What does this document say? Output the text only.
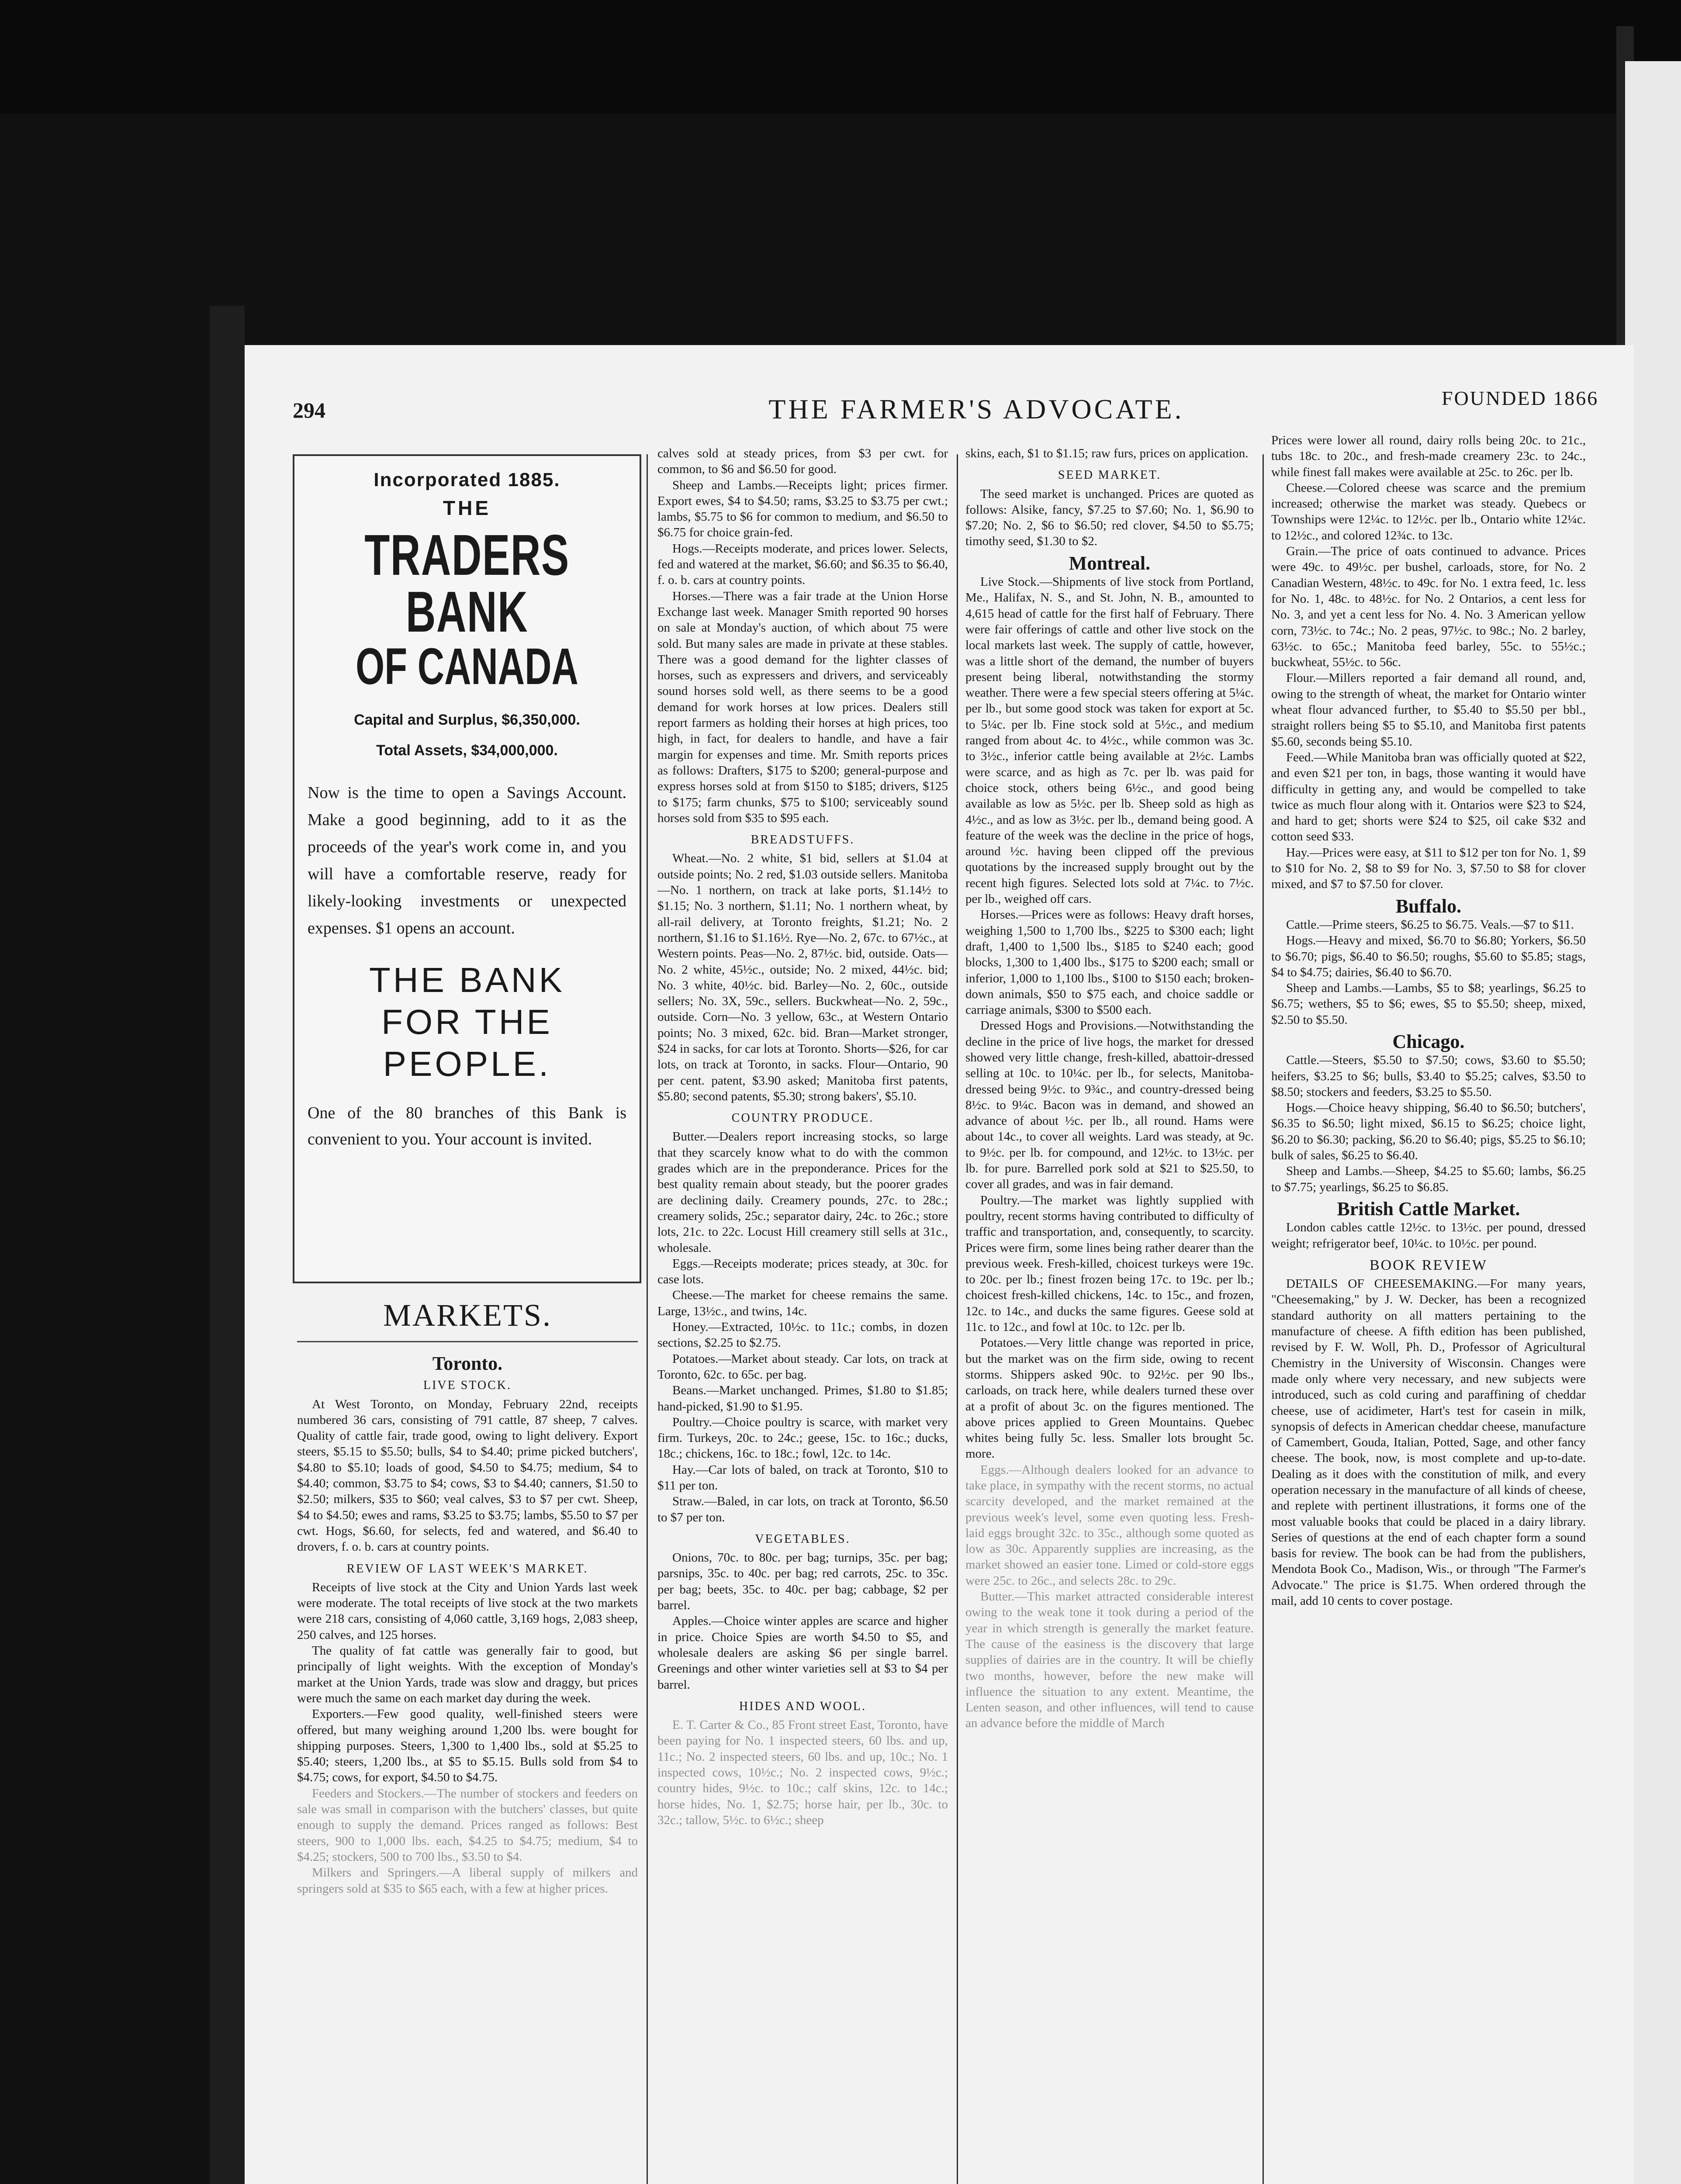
294	THE FARMER'S ADVOCATE.	FOUNDED 1866
Incorporated 1885.
THE
TRADERS BANK
OF CANADA
Capital and Surplus, $6,350,000.
Total Assets, $34,000,000.
Now is the time to open a Savings Account. Make a good beginning, add to it as the proceeds of the year's work come in, and you will have a comfortable reserve, ready for likely-looking investments or unexpected expenses. $1 opens an account.
THE BANK
FOR THE
PEOPLE.
One of the 80 branches of this Bank is convenient to you. Your account is invited.
MARKETS.
Toronto.
LIVE STOCK.

At West Toronto, on Monday, February 22nd, receipts numbered 36 cars, consisting of 791 cattle, 87 sheep, 7 calves. Quality of cattle fair, trade good, owing to light delivery. Export steers, $5.15 to $5.50; bulls, $4 to $4.40; prime picked butchers', $4.80 to $5.10; loads of good, $4.50 to $4.75; medium, $4 to $4.40; common, $3.75 to $4; cows, $3 to $4.40; canners, $1.50 to $2.50; milkers, $35 to $60; veal calves, $3 to $7 per cwt. Sheep, $4 to $4.50; ewes and rams, $3.25 to $3.75; lambs, $5.50 to $7 per cwt. Hogs, $6.60, for selects, fed and watered, and $6.40 to drovers, f. o. b. cars at country points.

REVIEW OF LAST WEEK'S MARKET.

Receipts of live stock at the City and Union Yards last week were moderate. The total receipts of live stock at the two markets were 218 cars, consisting of 4,060 cattle, 3,169 hogs, 2,083 sheep, 250 calves, and 125 horses.

The quality of fat cattle was generally fair to good, but principally of light weights. With the exception of Monday's market at the Union Yards, trade was slow and draggy, but prices were much the same on each market day during the week.

Exporters.—Few good quality, well-finished steers were offered, but many weighing around 1,200 lbs. were bought for shipping purposes. Steers, 1,300 to 1,400 lbs., sold at $5.25 to $5.40; steers, 1,200 lbs., at $5 to $5.15. Bulls sold from $4 to $4.75; cows, for export, $4.50 to $4.75.

Feeders and Stockers.—The number of stockers and feeders on sale was small in comparison with the butchers' classes, but quite enough to supply the demand. Prices ranged as follows: Best steers, 900 to 1,000 lbs. each, $4.25 to $4.75; medium, $4 to $4.25; stockers, 500 to 700 lbs., $3.50 to $4.

Milkers and Springers.—A liberal supply of milkers and springers sold at $35 to $65 each, with a few at higher prices.

calves sold at steady prices, from $3 per cwt. for common, to $6 and $6.50 for good.

Sheep and Lambs.—Receipts light; prices firmer. Export ewes, $4 to $4.50; rams, $3.25 to $3.75 per cwt.; lambs, $5.75 to $6 for common to medium, and $6.50 to $6.75 for choice grain-fed.

Hogs.—Receipts moderate, and prices lower. Selects, fed and watered at the market, $6.60; and $6.35 to $6.40, f. o. b. cars at country points.

Horses.—There was a fair trade at the Union Horse Exchange last week. Manager Smith reported 90 horses on sale at Monday's auction, of which about 75 were sold. But many sales are made in private at these stables. There was a good demand for the lighter classes of horses, such as expressers and drivers, and serviceably sound horses sold well, as there seems to be a good demand for work horses at low prices. Dealers still report farmers as holding their horses at high prices, too high, in fact, for dealers to handle, and have a fair margin for expenses and time. Mr. Smith reports prices as follows: Drafters, $175 to $200; general-purpose and express horses sold at from $150 to $185; drivers, $125 to $175; farm chunks, $75 to $100; serviceably sound horses sold from $35 to $95 each.

BREADSTUFFS.

Wheat.—No. 2 white, $1 bid, sellers at $1.04 at outside points; No. 2 red, $1.03 outside sellers. Manitoba—No. 1 northern, on track at lake ports, $1.14½ to $1.15; No. 3 northern, $1.11; No. 1 northern wheat, by all-rail delivery, at Toronto freights, $1.21; No. 2 northern, $1.16 to $1.16½. Rye—No. 2, 67c. to 67½c., at Western points. Peas—No. 2, 87½c. bid, outside. Oats—No. 2 white, 45½c., outside; No. 2 mixed, 44½c. bid; No. 3 white, 40½c. bid. Barley—No. 2, 60c., outside sellers; No. 3X, 59c., sellers. Buckwheat—No. 2, 59c., outside. Corn—No. 3 yellow, 63c., at Western Ontario points; No. 3 mixed, 62c. bid. Bran—Market stronger, $24 in sacks, for car lots at Toronto. Shorts—$26, for car lots, on track at Toronto, in sacks. Flour—Ontario, 90 per cent. patent, $3.90 asked; Manitoba first patents, $5.80; second patents, $5.30; strong bakers', $5.10.

COUNTRY PRODUCE.

Butter.—Dealers report increasing stocks, so large that they scarcely know what to do with the common grades which are in the preponderance. Prices for the best quality remain about steady, but the poorer grades are declining daily. Creamery pounds, 27c. to 28c.; creamery solids, 25c.; separator dairy, 24c. to 26c.; store lots, 21c. to 22c. Locust Hill creamery still sells at 31c., wholesale.

Eggs.—Receipts moderate; prices steady, at 30c. for case lots.

Cheese.—The market for cheese remains the same. Large, 13½c., and twins, 14c.

Honey.—Extracted, 10½c. to 11c.; combs, in dozen sections, $2.25 to $2.75.

Potatoes.—Market about steady. Car lots, on track at Toronto, 62c. to 65c. per bag.

Beans.—Market unchanged. Primes, $1.80 to $1.85; hand-picked, $1.90 to $1.95.

Poultry.—Choice poultry is scarce, with market very firm. Turkeys, 20c. to 24c.; geese, 15c. to 16c.; ducks, 18c.; chickens, 16c. to 18c.; fowl, 12c. to 14c.

Hay.—Car lots of baled, on track at Toronto, $10 to $11 per ton.

Straw.—Baled, in car lots, on track at Toronto, $6.50 to $7 per ton.

VEGETABLES.

Onions, 70c. to 80c. per bag; turnips, 35c. per bag; parsnips, 35c. to 40c. per bag; red carrots, 25c. to 35c. per bag; beets, 35c. to 40c. per bag; cabbage, $2 per barrel.

Apples.—Choice winter apples are scarce and higher in price. Choice Spies are worth $4.50 to $5, and wholesale dealers are asking $6 per single barrel. Greenings and other winter varieties sell at $3 to $4 per barrel.

HIDES AND WOOL.

E. T. Carter & Co., 85 Front street East, Toronto, have been paying for No. 1 inspected steers, 60 lbs. and up, 11c.; No. 2 inspected steers, 60 lbs. and up, 10c.; No. 1 inspected cows, 10½c.; No. 2 inspected cows, 9½c.; country hides, 9½c. to 10c.; calf skins, 12c. to 14c.; horse hides, No. 1, $2.75; horse hair, per lb., 30c. to 32c.; tallow, 5½c. to 6½c.; sheep

skins, each, $1 to $1.15; raw furs, prices on application.

SEED MARKET.

The seed market is unchanged. Prices are quoted as follows: Alsike, fancy, $7.25 to $7.60; No. 1, $6.90 to $7.20; No. 2, $6 to $6.50; red clover, $4.50 to $5.75; timothy seed, $1.30 to $2.

Montreal.

Live Stock.—Shipments of live stock from Portland, Me., Halifax, N. S., and St. John, N. B., amounted to 4,615 head of cattle for the first half of February. There were fair offerings of cattle and other live stock on the local markets last week. The supply of cattle, however, was a little short of the demand, the number of buyers present being liberal, notwithstanding the stormy weather. There were a few special steers offering at 5¼c. per lb., but some good stock was taken for export at 5c. to 5¼c. per lb. Fine stock sold at 5½c., and medium ranged from about 4c. to 4½c., while common was 3c. to 3½c., inferior cattle being available at 2½c. Lambs were scarce, and as high as 7c. per lb. was paid for choice stock, others being 6½c., and good being available as low as 5½c. per lb. Sheep sold as high as 4½c., and as low as 3½c. per lb., demand being good. A feature of the week was the decline in the price of hogs, around ½c. having been clipped off the previous quotations by the increased supply brought out by the recent high figures. Selected lots sold at 7¼c. to 7½c. per lb., weighed off cars.

Horses.—Prices were as follows: Heavy draft horses, weighing 1,500 to 1,700 lbs., $225 to $300 each; light draft, 1,400 to 1,500 lbs., $185 to $240 each; good blocks, 1,300 to 1,400 lbs., $175 to $200 each; small or inferior, 1,000 to 1,100 lbs., $100 to $150 each; broken-down animals, $50 to $75 each, and choice saddle or carriage animals, $300 to $500 each.

Dressed Hogs and Provisions.—Notwithstanding the decline in the price of live hogs, the market for dressed showed very little change, fresh-killed, abattoir-dressed selling at 10c. to 10¼c. per lb., for selects, Manitoba-dressed being 9½c. to 9¾c., and country-dressed being 8½c. to 9¼c. Bacon was in demand, and showed an advance of about ½c. per lb., all round. Hams were about 14c., to cover all weights. Lard was steady, at 9c. to 9½c. per lb. for compound, and 12½c. to 13½c. per lb. for pure. Barrelled pork sold at $21 to $25.50, to cover all grades, and was in fair demand.

Poultry.—The market was lightly supplied with poultry, recent storms having contributed to difficulty of traffic and transportation, and, consequently, to scarcity. Prices were firm, some lines being rather dearer than the previous week. Fresh-killed, choicest turkeys were 19c. to 20c. per lb.; finest frozen being 17c. to 19c. per lb.; choicest fresh-killed chickens, 14c. to 15c., and frozen, 12c. to 14c., and ducks the same figures. Geese sold at 11c. to 12c., and fowl at 10c. to 12c. per lb.

Potatoes.—Very little change was reported in price, but the market was on the firm side, owing to recent storms. Shippers asked 90c. to 92½c. per 90 lbs., carloads, on track here, while dealers turned these over at a profit of about 3c. on the figures mentioned. The above prices applied to Green Mountains. Quebec whites being fully 5c. less. Smaller lots brought 5c. more.

Eggs.—Although dealers looked for an advance to take place, in sympathy with the recent storms, no actual scarcity developed, and the market remained at the previous week's level, some even quoting less. Fresh-laid eggs brought 32c. to 35c., although some quoted as low as 30c. Apparently supplies are increasing, as the market showed an easier tone. Limed or cold-store eggs were 25c. to 26c., and selects 28c. to 29c.

Butter.—This market attracted considerable interest owing to the weak tone it took during a period of the year in which strength is generally the market feature. The cause of the easiness is the discovery that large supplies of dairies are in the country. It will be chiefly two months, however, before the new make will influence the situation to any extent. Meantime, the Lenten season, and other influences, will tend to cause an advance before the middle of March

Prices were lower all round, dairy rolls being 20c. to 21c., tubs 18c. to 20c., and fresh-made creamery 23c. to 24c., while finest fall makes were available at 25c. to 26c. per lb.

Cheese.—Colored cheese was scarce and the premium increased; otherwise the market was steady. Quebecs or Townships were 12¼c. to 12½c. per lb., Ontario white 12¼c. to 12½c., and colored 12¾c. to 13c.

Grain.—The price of oats continued to advance. Prices were 49c. to 49½c. per bushel, carloads, store, for No. 2 Canadian Western, 48½c. to 49c. for No. 1 extra feed, 1c. less for No. 1, 48c. to 48½c. for No. 2 Ontarios, a cent less for No. 3, and yet a cent less for No. 4. No. 3 American yellow corn, 73½c. to 74c.; No. 2 peas, 97½c. to 98c.; No. 2 barley, 63½c. to 65c.; Manitoba feed barley, 55c. to 55½c.; buckwheat, 55½c. to 56c.

Flour.—Millers reported a fair demand all round, and, owing to the strength of wheat, the market for Ontario winter wheat flour advanced further, to $5.40 to $5.50 per bbl., straight rollers being $5 to $5.10, and Manitoba first patents $5.60, seconds being $5.10.

Feed.—While Manitoba bran was officially quoted at $22, and even $21 per ton, in bags, those wanting it would have difficulty in getting any, and would be compelled to take twice as much flour along with it. Ontarios were $23 to $24, and hard to get; shorts were $24 to $25, oil cake $32 and cotton seed $33.

Hay.—Prices were easy, at $11 to $12 per ton for No. 1, $9 to $10 for No. 2, $8 to $9 for No. 3, $7.50 to $8 for clover mixed, and $7 to $7.50 for clover.

Buffalo.

Cattle.—Prime steers, $6.25 to $6.75. Veals.—$7 to $11.

Hogs.—Heavy and mixed, $6.70 to $6.80; Yorkers, $6.50 to $6.70; pigs, $6.40 to $6.50; roughs, $5.60 to $5.85; stags, $4 to $4.75; dairies, $6.40 to $6.70.

Sheep and Lambs.—Lambs, $5 to $8; yearlings, $6.25 to $6.75; wethers, $5 to $6; ewes, $5 to $5.50; sheep, mixed, $2.50 to $5.50.

Chicago.

Cattle.—Steers, $5.50 to $7.50; cows, $3.60 to $5.50; heifers, $3.25 to $6; bulls, $3.40 to $5.25; calves, $3.50 to $8.50; stockers and feeders, $3.25 to $5.50.

Hogs.—Choice heavy shipping, $6.40 to $6.50; butchers', $6.35 to $6.50; light mixed, $6.15 to $6.25; choice light, $6.20 to $6.30; packing, $6.20 to $6.40; pigs, $5.25 to $6.10; bulk of sales, $6.25 to $6.40.

Sheep and Lambs.—Sheep, $4.25 to $5.60; lambs, $6.25 to $7.75; yearlings, $6.25 to $6.85.

British Cattle Market.

London cables cattle 12½c. to 13½c. per pound, dressed weight; refrigerator beef, 10¼c. to 10½c. per pound.

BOOK REVIEW

DETAILS OF CHEESEMAKING.—For many years, "Cheesemaking," by J. W. Decker, has been a recognized standard authority on all matters pertaining to the manufacture of cheese. A fifth edition has been published, revised by F. W. Woll, Ph. D., Professor of Agricultural Chemistry in the University of Wisconsin. Changes were made only where very necessary, and new subjects were introduced, such as cold curing and paraffining of cheddar cheese, use of acidimeter, Hart's test for casein in milk, synopsis of defects in American cheddar cheese, manufacture of Camembert, Gouda, Italian, Potted, Sage, and other fancy cheese. The book, now, is most complete and up-to-date. Dealing as it does with the constitution of milk, and every operation necessary in the manufacture of all kinds of cheese, and replete with pertinent illustrations, it forms one of the most valuable books that could be placed in a dairy library. Series of questions at the end of each chapter form a sound basis for review. The book can be had from the publishers, Mendota Book Co., Madison, Wis., or through "The Farmer's Advocate." The price is $1.75. When ordered through the mail, add 10 cents to cover postage.
